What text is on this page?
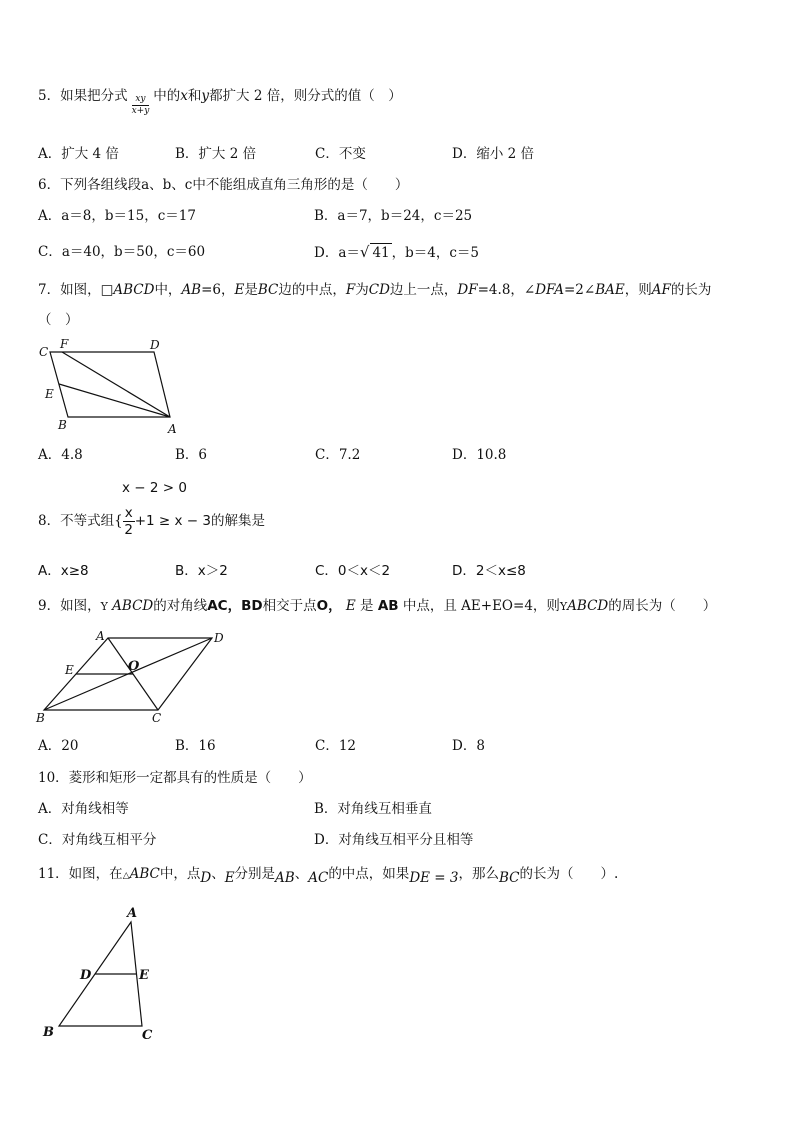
5．如果把分式 $\frac{xy}{x+y}$ 中的x和y都扩大 2 倍，则分式的值（　）
A．扩大 4 倍	B．扩大 2 倍	C．不变	D．缩小 2 倍
6．下列各组线段a、b、c中不能组成直角三角形的是（　　）
A．a＝8，b＝15，c＝17	B．a＝7，b＝24，c＝25
C．a＝40，b＝50，c＝60	D．a＝√ 41 ，b＝4，c＝5
7．如图，□ABCD中，AB=6，E是BC边的中点，F为CD边上一点，DF=4.8，∠DFA=2∠BAE，则AF的长为
（　）
C
F	D
E
B	A
A．4.8	B．6	C．7.2	D．10.8
x − 2 > 0
8．不等式组{ $\frac{x}{2} +1 \ge x - 3$的解集是
A．x≥8	B．x＞2	C．0＜x＜2	D．2＜x≤8
9．如图，Y ABCD的对角线AC，BD相交于点O， E 是 AB 中点，且 AE+EO=4，则YABCD的周长为（　　）
A	D
E	O
B	C
A．20	B．16	C．12	D．8
10．菱形和矩形一定都具有的性质是（　　）
A．对角线相等	B．对角线互相垂直
C．对角线互相平分	D．对角线互相平分且相等
11．如图，在△ABC中，点D、E分别是AB、AC的中点，如果DE = 3，那么BC的长为（　　）.
A
D	E
B	C
